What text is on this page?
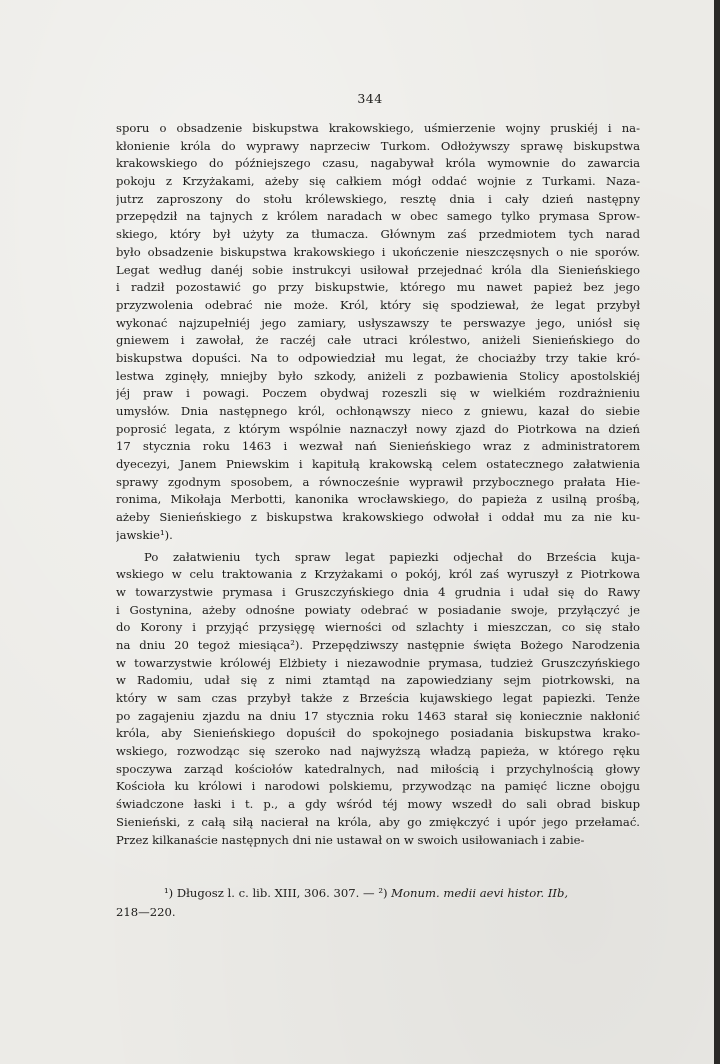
344
sporu o obsadzenie biskupstwa krakowskiego, uśmierzenie wojny pruskiéj i na-
kłonienie króla do wyprawy naprzeciw Turkom. Odłożywszy sprawę biskupstwa
krakowskiego do późniejszego czasu, nagabywał króla wymownie do zawarcia
pokoju z Krzyżakami, ażeby się całkiem mógł oddać wojnie z Turkami. Naza-
jutrz zaproszony do stołu królewskiego, resztę dnia i cały dzień następny
przepędził na tajnych z królem naradach w obec samego tylko prymasa Sprow-
skiego, który był użyty za tłumacza. Głównym zaś przedmiotem tych narad
było obsadzenie biskupstwa krakowskiego i ukończenie nieszczęsnych o nie sporów.
Legat według danéj sobie instrukcyi usiłował przejednać króla dla Sienieńskiego
i radził pozostawić go przy biskupstwie, którego mu nawet papież bez jego
przyzwolenia odebrać nie może. Król, który się spodziewał, że legat przybył
wykonać najzupełniéj jego zamiary, usłyszawszy te perswazye jego, uniósł się
gniewem i zawołał, że raczéj całe utraci królestwo, aniżeli Sienieńskiego do
biskupstwa dopuści. Na to odpowiedział mu legat, że chociażby trzy takie kró-
lestwa zginęły, mniejby było szkody, aniżeli z pozbawienia Stolicy apostolskiéj
jéj praw i powagi. Poczem obydwaj rozeszli się w wielkiém rozdrażnieniu
umysłów. Dnia następnego król, ochłonąwszy nieco z gniewu, kazał do siebie
poprosić legata, z którym wspólnie naznaczył nowy zjazd do Piotrkowa na dzień
17 stycznia roku 1463 i wezwał nań Sienieńskiego wraz z administratorem
dyecezyi, Janem Pniewskim i kapitułą krakowską celem ostatecznego załatwienia
sprawy zgodnym sposobem, a równocześnie wyprawił przybocznego prałata Hie-
ronima, Mikołaja Merbotti, kanonika wrocławskiego, do papieża z usilną prośbą,
ażeby Sienieńskiego z biskupstwa krakowskiego odwołał i oddał mu za nie ku-
jawskie¹).
Po załatwieniu tych spraw legat papiezki odjechał do Brześcia kuja-
wskiego w celu traktowania z Krzyżakami o pokój, król zaś wyruszył z Piotrkowa
w towarzystwie prymasa i Gruszczyńskiego dnia 4 grudnia i udał się do Rawy
i Gostynina, ażeby odnośne powiaty odebrać w posiadanie swoje, przyłączyć je
do Korony i przyjąć przysięgę wierności od szlachty i mieszczan, co się stało
na dniu 20 tegoż miesiąca²). Przepędziwszy następnie święta Bożego Narodzenia
w towarzystwie królowéj Elżbiety i niezawodnie prymasa, tudzież Gruszczyńskiego
w Radomiu, udał się z nimi ztamtąd na zapowiedziany sejm piotrkowski, na
który w sam czas przybył także z Brześcia kujawskiego legat papiezki. Tenże
po zagajeniu zjazdu na dniu 17 stycznia roku 1463 starał się koniecznie nakłonić
króla, aby Sienieńskiego dopuścił do spokojnego posiadania biskupstwa krako-
wskiego, rozwodząc się szeroko nad najwyższą władzą papieża, w którego ręku
spoczywa zarząd kościołów katedralnych, nad miłością i przychylnością głowy
Kościoła ku królowi i narodowi polskiemu, przywodząc na pamięć liczne obojgu
świadczone łaski i t. p., a gdy wśród téj mowy wszedł do sali obrad biskup
Sienieński, z całą siłą nacierał na króla, aby go zmiękczyć i upór jego przełamać.
Przez kilkanaście następnych dni nie ustawał on w swoich usiłowaniach i zabie-
¹) Długosz l. c. lib. XIII, 306. 307. — ²) Monum. medii aevi histor. IIb,
218—220.
